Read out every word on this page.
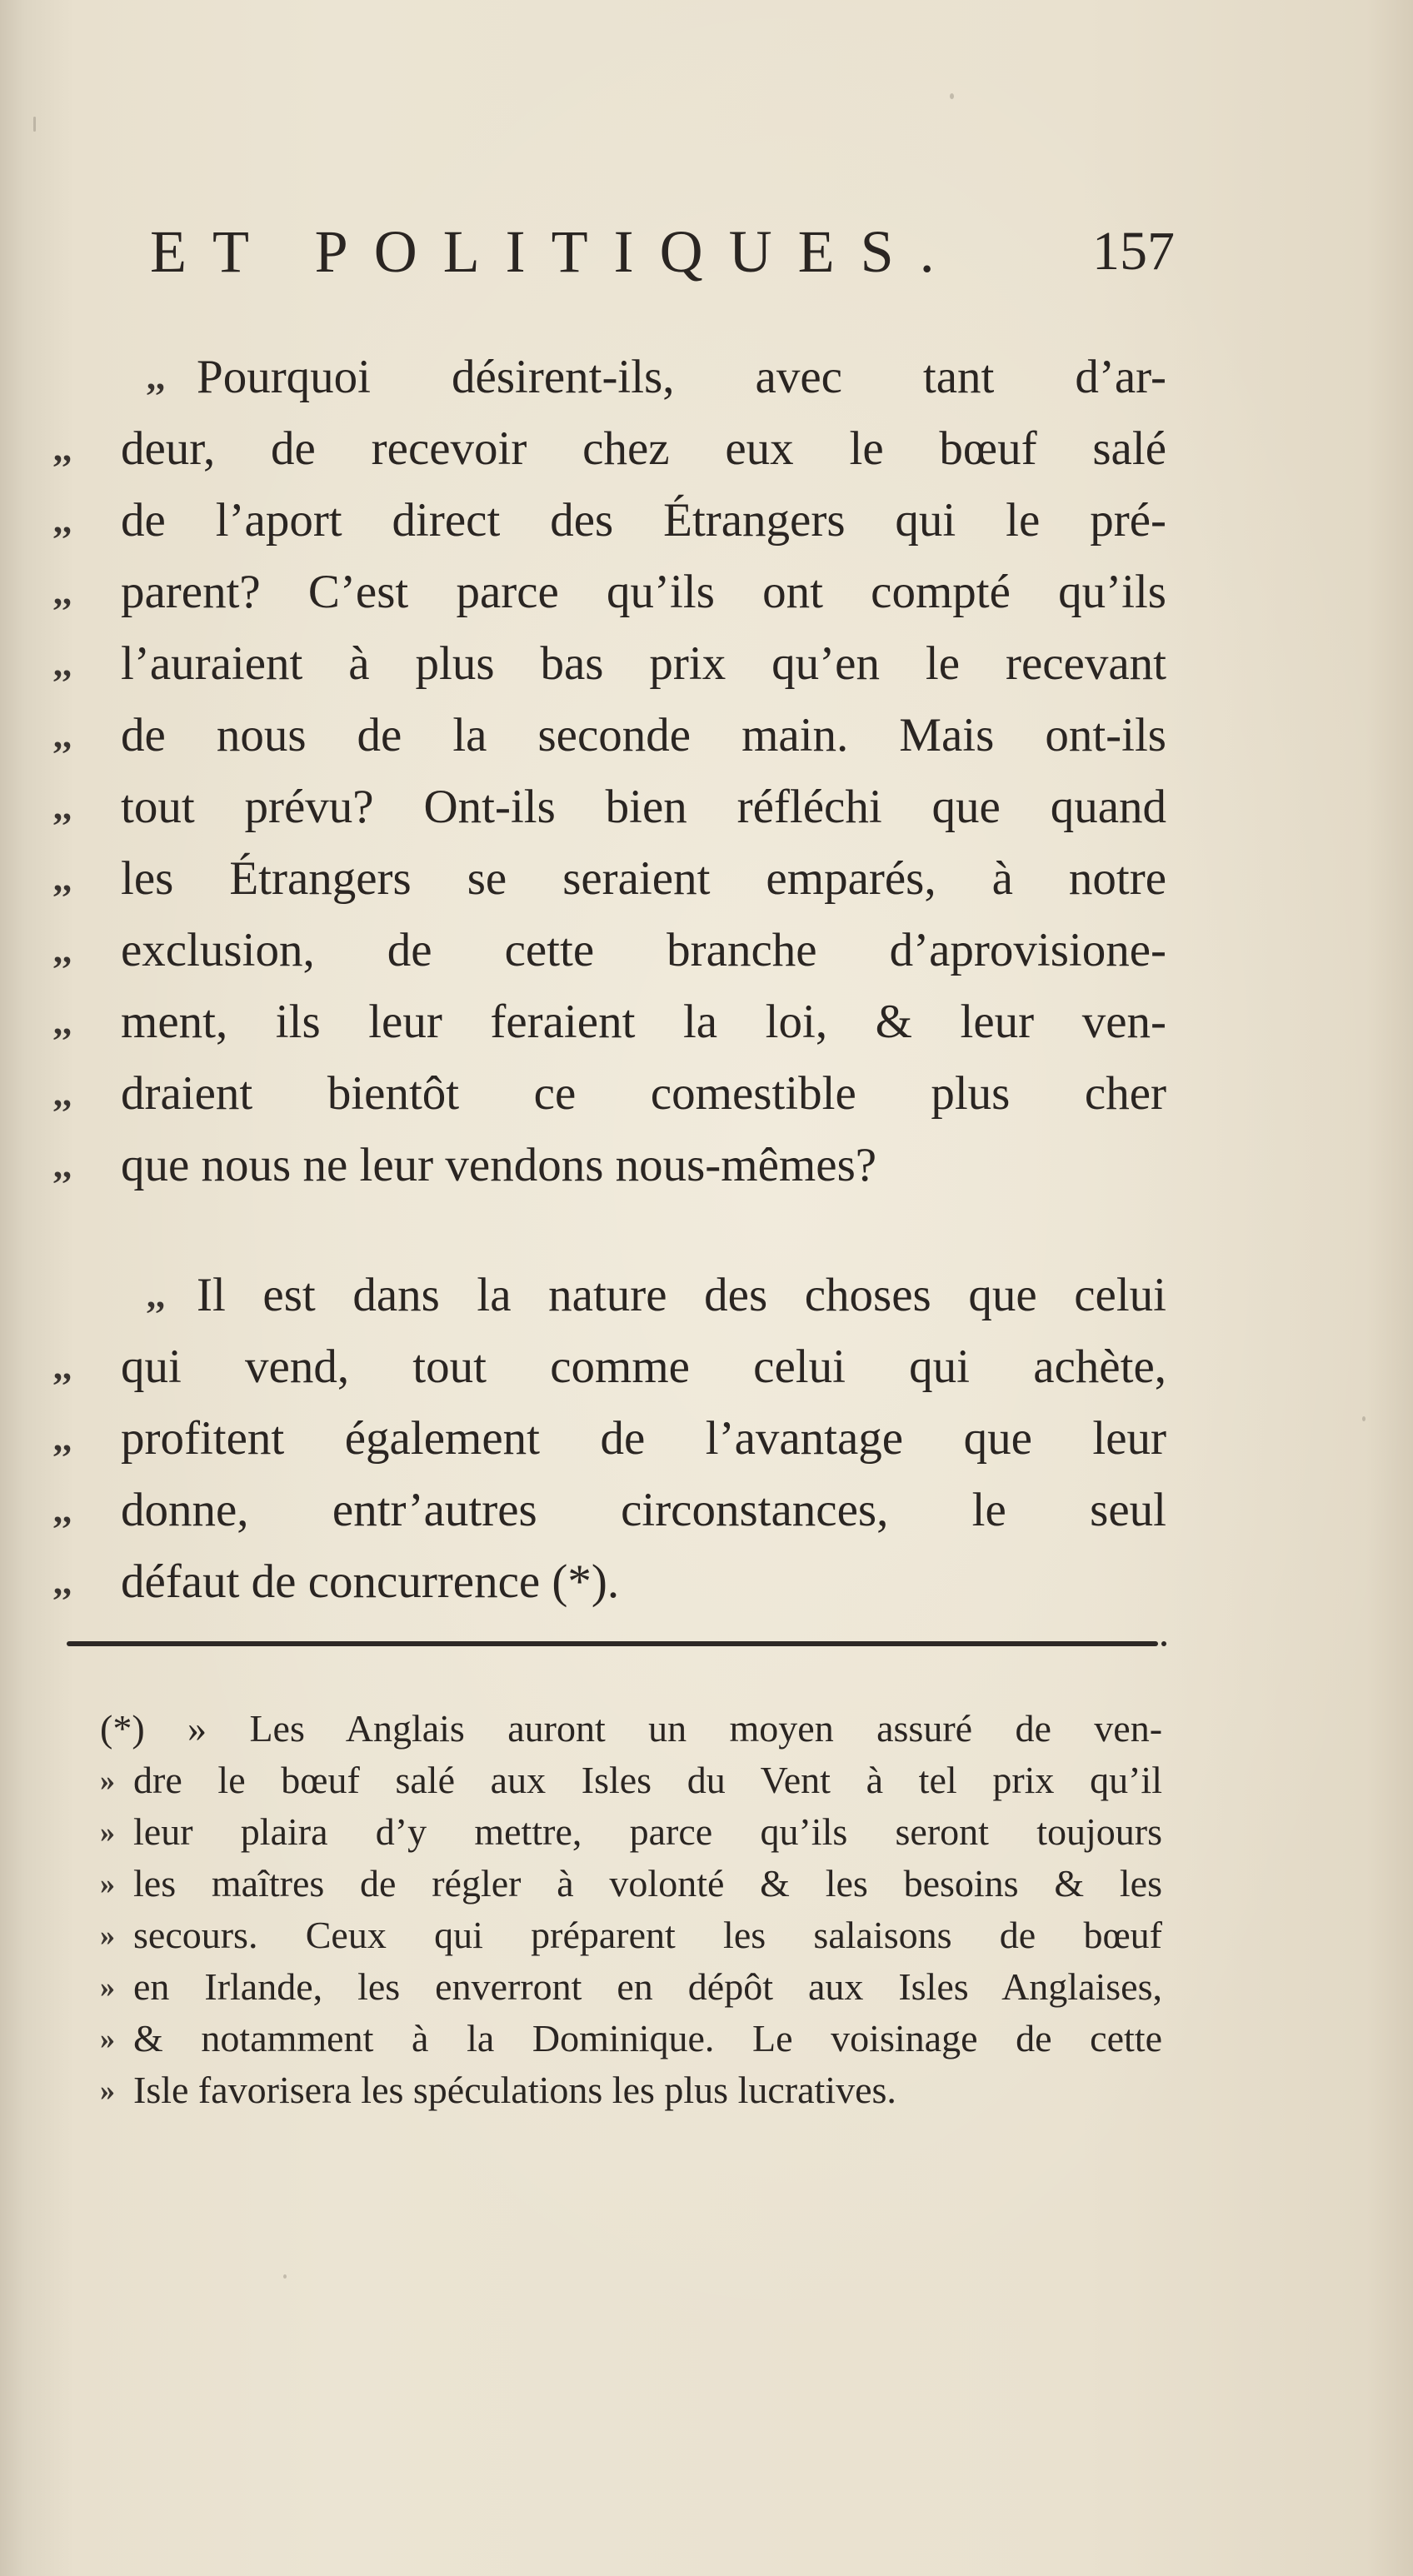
ET POLITIQUES. 157
,, Pourquoi désirent-ils, avec tant d’ar-
,,	deur, de recevoir chez eux le bœuf salé
,,	de l’aport direct des Étrangers qui le pré-
,,	parent? C’est parce qu’ils ont compté qu’ils
,,	l’auraient à plus bas prix qu’en le recevant
,,	de nous de la seconde main. Mais ont-ils
,,	tout prévu? Ont-ils bien réfléchi que quand
,,	les Étrangers se seraient emparés, à notre
,,	exclusion, de cette branche d’aprovisione-
,,	ment, ils leur feraient la loi, & leur ven-
,,	draient bientôt ce comestible plus cher
,,	que nous ne leur vendons nous-mêmes?
,, Il est dans la nature des choses que celui
,,	qui vend, tout comme celui qui achète,
,,	profitent également de l’avantage que leur
,,	donne, entr’autres circonstances, le seul
,,	défaut de concurrence (*).
(*) » Les Anglais auront un moyen assuré de ven-
» dre le bœuf salé aux Isles du Vent à tel prix qu’il
» leur plaira d’y mettre, parce qu’ils seront toujours
» les maîtres de régler à volonté & les besoins & les
» secours. Ceux qui préparent les salaisons de bœuf
» en Irlande, les enverront en dépôt aux Isles Anglaises,
» & notamment à la Dominique. Le voisinage de cette
» Isle favorisera les spéculations les plus lucratives.
